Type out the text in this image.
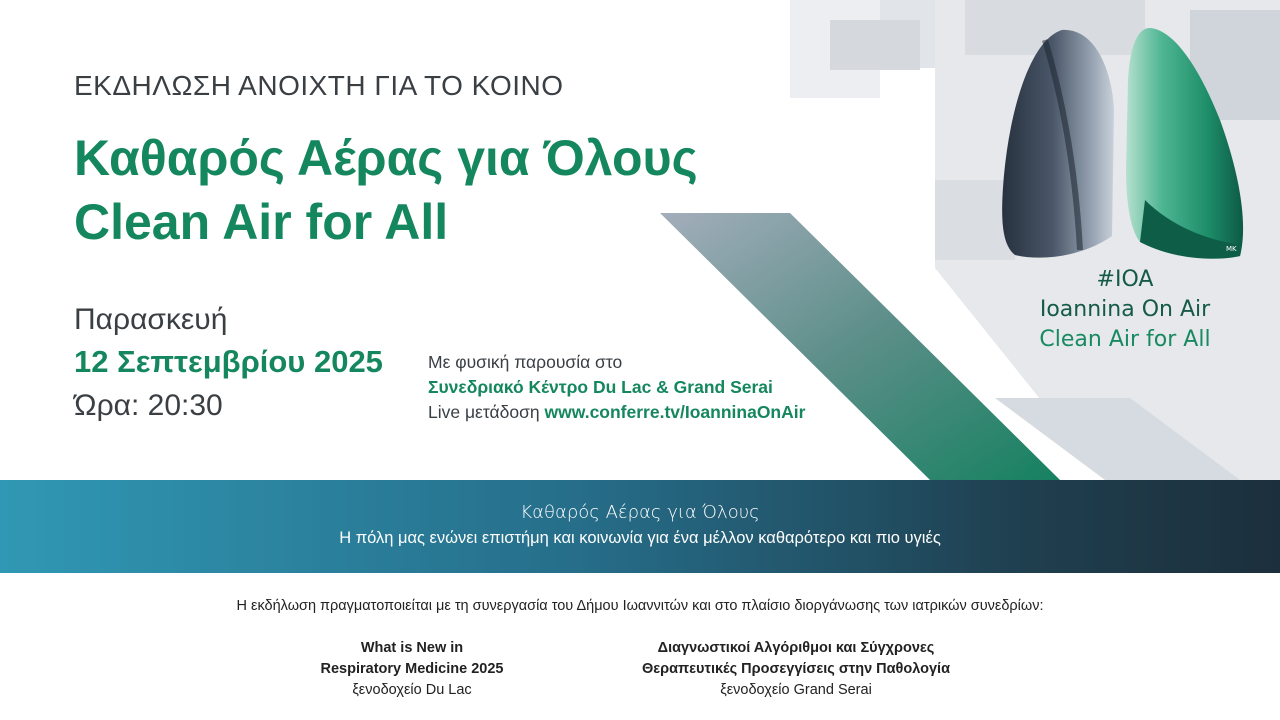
MK
ΕΚΔΗΛΩΣΗ ΑΝΟΙΧΤΗ ΓΙΑ ΤΟ ΚΟΙΝΟ
Καθαρός Αέρας για Όλους
Clean Air for All
Παρασκευή
12 Σεπτεμβρίου 2025
Ώρα: 20:30
Με φυσική παρουσία στο
Συνεδριακό Κέντρο Du Lac & Grand Serai
Live μετάδοση www.conferre.tv/IoanninaOnAir
#IOA
Ioannina On Air
Clean Air for All
Καθαρός Αέρας για Όλους
Η πόλη μας ενώνει επιστήμη και κοινωνία για ένα μέλλον καθαρότερο και πιο υγιές
Η εκδήλωση πραγματοποιείται με τη συνεργασία του Δήμου Ιωαννιτών και στο πλαίσιο διοργάνωσης των ιατρικών συνεδρίων:
What is New in
Respiratory Medicine 2025
ξενοδοχείο Du Lac
Διαγνωστικοί Αλγόριθμοι και Σύγχρονες
Θεραπευτικές Προσεγγίσεις στην Παθολογία
ξενοδοχείο Grand Serai
